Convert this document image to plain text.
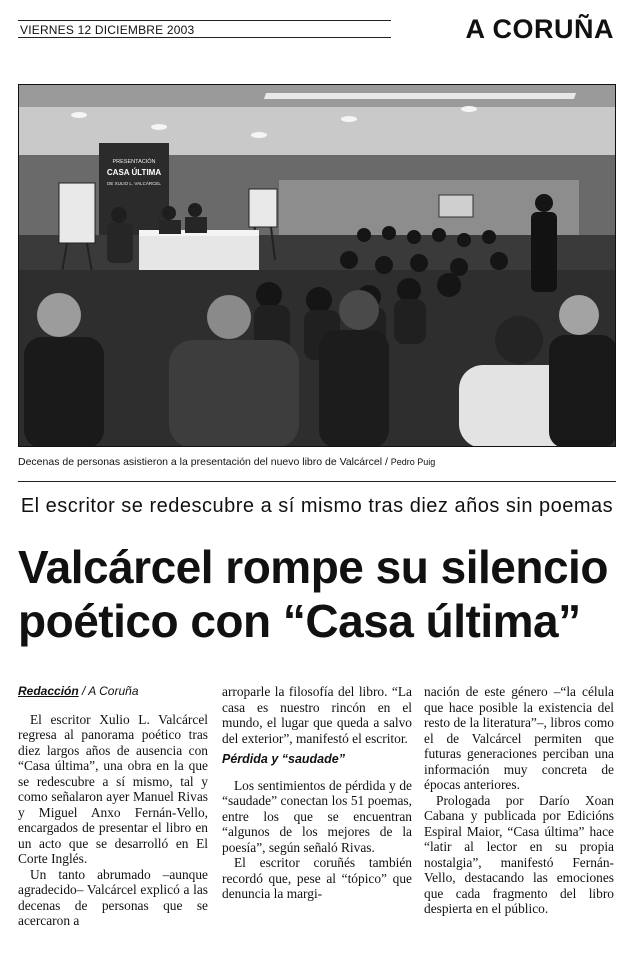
VIERNES 12 DICIEMBRE 2003	A CORUÑA
PRESENTACIÓN
CASA ÚLTIMA
DE XULIO L. VALCÁRCEL
Decenas de personas asistieron a la presentación del nuevo libro de Valcárcel / Pedro Puig
El escritor se redescubre a sí mismo tras diez años sin poemas
Valcárcel rompe su silencio
poético con “Casa última”

Redacción / A Coruña

El escritor Xulio L. Valcárcel regresa al panorama poético tras diez largos años de ausencia con “Casa última”, una obra en la que se redescubre a sí mismo, tal y como señalaron ayer Manuel Rivas y Miguel Anxo Fernán-Vello, encargados de presentar el libro en un acto que se desarrolló en El Corte Inglés.

Un tanto abrumado –aunque agradecido– Valcárcel explicó a las decenas de personas que se acercaron a

arroparle la filosofía del libro. “La casa es nuestro rincón en el mundo, el lugar que queda a salvo del exterior”, manifestó el escritor.

Pérdida y “saudade”

Los sentimientos de pérdida y de “saudade” conectan los 51 poemas, entre los que se encuentran “algunos de los mejores de la poesía”, según señaló Rivas.

El escritor coruñés también recordó que, pese al “tópico” que denuncia la margi-

nación de este género –“la célula que hace posible la existencia del resto de la literatura”–, libros como el de Valcárcel permiten que futuras generaciones perciban una información muy concreta de épocas anteriores.

Prologada por Darío Xoan Cabana y publicada por Edicións Espiral Maior, “Casa última” hace “latir al lector en su propia nostalgia”, manifestó Fernán-Vello, destacando las emociones que cada fragmento del libro despierta en el público.
